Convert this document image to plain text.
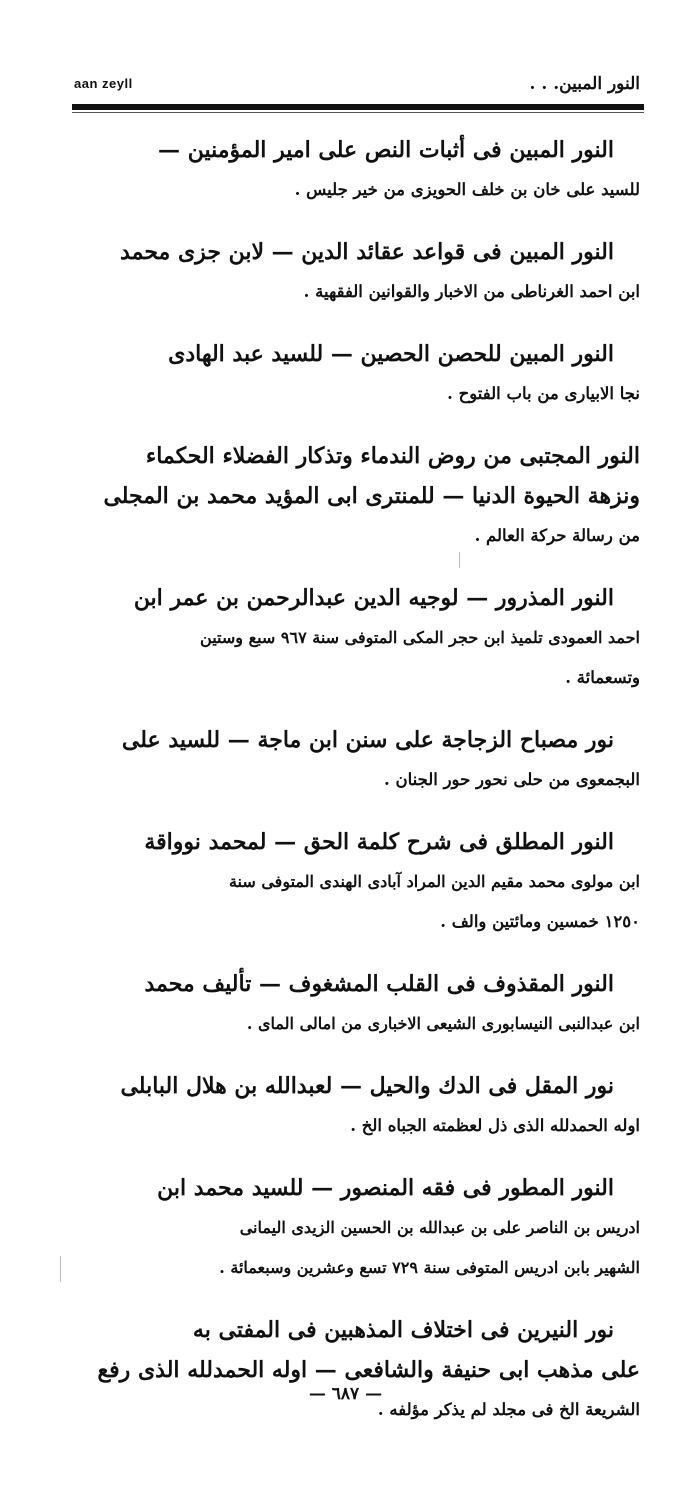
النور المبين. . .
aan zeyll
النور المبين فى أثبات النص على امير المؤمنين —
للسيد على خان بن خلف الحويزى من خير جليس .
النور المبين فى قواعد عقائد الدين — لابن جزى محمد
ابن احمد الغرناطى من الاخبار والقوانين الفقهية .
النور المبين للحصن الحصين — للسيد عبد الهادى
نجا الابيارى من باب الفتوح .
النور المجتبى من روض الندماء وتذكار الفضلاء الحكماء
ونزهة الحيوة الدنيا — للمنترى ابى المؤيد محمد بن المجلى
من رسالة حركة العالم .
النور المذرور — لوجيه الدين عبدالرحمن بن عمر ابن
احمد العمودى تلميذ ابن حجر المكى المتوفى سنة ٩٦٧ سبع وستين
وتسعمائة .
نور مصباح الزجاجة على سنن ابن ماجة — للسيد على
البجمعوى من حلى نحور حور الجنان .
النور المطلق فى شرح كلمة الحق — لمحمد نوواقة
ابن مولوى محمد مقيم الدين المراد آبادى الهندى المتوفى سنة
١٢٥٠ خمسين ومائتين والف .
النور المقذوف فى القلب المشغوف — تأليف محمد
ابن عبدالنبى النيسابورى الشيعى الاخبارى من امالى الماى .
نور المقل فى الدك والحيل — لعبدالله بن هلال البابلى
اوله الحمدلله الذى ذل لعظمته الجباه الخ .
النور المطور فى فقه المنصور — للسيد محمد ابن
ادريس بن الناصر على بن عبدالله بن الحسين الزيدى اليمانى
الشهير بابن ادريس المتوفى سنة ٧٢٩ تسع وعشرين وسبعمائة .
نور النيرين فى اختلاف المذهبين فى المفتى به
على مذهب ابى حنيفة والشافعى — اوله الحمدلله الذى رفع
الشريعة الخ فى مجلد لم يذكر مؤلفه .
— ٦٨٧ —
